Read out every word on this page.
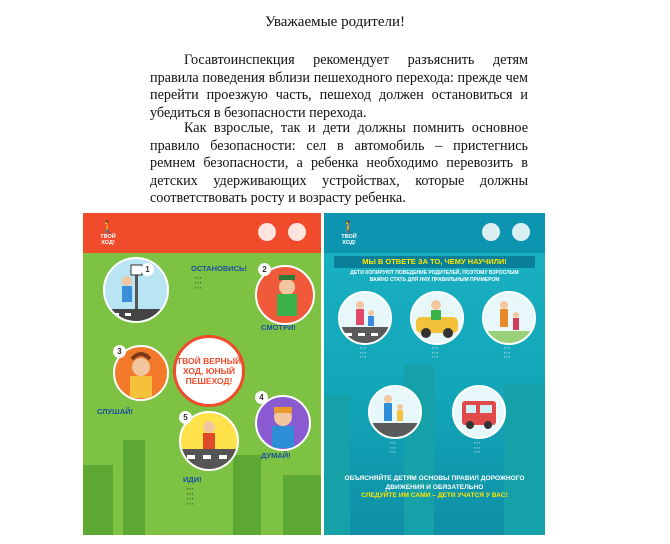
Уважаемые родители!

Госавтоинспекция рекомендует разъяснить детям правила поведения вблизи пешеходного перехода: прежде чем перейти проезжую часть, пешеход должен остановиться и убедиться в безопасности перехода.

Как взрослые, так и дети должны помнить основное правило безопасности: сел в автомобиль – пристегнись ремнем безопасности, а ребенка необходимо перевозить в детских удерживающих устройствах, которые должны соответствовать росту и возрасту ребенка.

🚶
ТВОЙ ХОД!
1	ОСТАНОВИСЬ!
▪ ▪ ▪
▪ ▪ ▪
▪ ▪ ▪
2
СМОТРИ!
ТВОЙ ВЕРНЫЙ ХОД, ЮНЫЙ ПЕШЕХОД!
3
СЛУШАЙ!
4
ДУМАЙ!
5
ИДИ!
▪ ▪ ▪
▪ ▪ ▪
▪ ▪ ▪
▪ ▪ ▪
🚶
ТВОЙ ХОД!
МЫ В ОТВЕТЕ ЗА ТО, ЧЕМУ НАУЧИЛИ!
ДЕТИ КОПИРУЮТ ПОВЕДЕНИЕ РОДИТЕЛЕЙ, ПОЭТОМУ ВЗРОСЛЫМ ВАЖНО СТАТЬ ДЛЯ НИХ ПРАВИЛЬНЫМ ПРИМЕРОМ
▪ ▪ ▪
▪ ▪ ▪
▪ ▪ ▪
▪ ▪ ▪
▪ ▪ ▪
▪ ▪ ▪
▪ ▪ ▪
▪ ▪ ▪
▪ ▪ ▪
▪ ▪ ▪
▪ ▪ ▪
▪ ▪ ▪
▪ ▪ ▪
▪ ▪ ▪
▪ ▪ ▪
ОБЪЯСНЯЙТЕ ДЕТЯМ ОСНОВЫ ПРАВИЛ ДОРОЖНОГО ДВИЖЕНИЯ И ОБЯЗАТЕЛЬНО
СЛЕДУЙТЕ ИМ САМИ – ДЕТИ УЧАТСЯ У ВАС!
